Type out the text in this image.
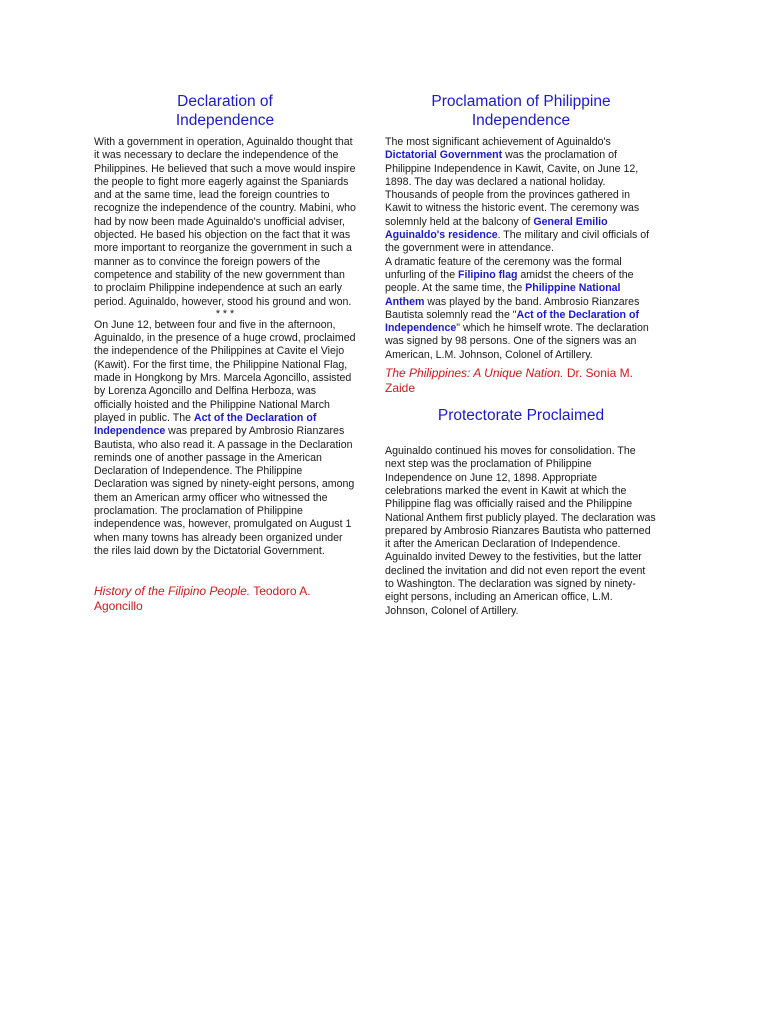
Declaration of
Independence

With a government in operation, Aguinaldo thought that it was necessary to declare the independence of the Philippines. He believed that such a move would inspire the people to fight more eagerly against the Spaniards and at the same time, lead the foreign countries to recognize the independence of the country. Mabini, who had by now been made Aguinaldo's unofficial adviser, objected. He based his objection on the fact that it was more important to reorganize the government in such a manner as to convince the foreign powers of the competence and stability of the new government than to proclaim Philippine independence at such an early period. Aguinaldo, however, stood his ground and won.

* * *

On June 12, between four and five in the afternoon, Aguinaldo, in the presence of a huge crowd, proclaimed the independence of the Philippines at Cavite el Viejo (Kawit). For the first time, the Philippine National Flag, made in Hongkong by Mrs. Marcela Agoncillo, assisted by Lorenza Agoncillo and Delfina Herboza, was officially hoisted and the Philippine National March played in public. The Act of the Declaration of Independence was prepared by Ambrosio Rianzares Bautista, who also read it. A passage in the Declaration reminds one of another passage in the American Declaration of Independence. The Philippine Declaration was signed by ninety-eight persons, among them an American army officer who witnessed the proclamation. The proclamation of Philippine independence was, however, promulgated on August 1 when many towns has already been organized under the riles laid down by the Dictatorial Government.

History of the Filipino People. Teodoro A. Agoncillo

Proclamation of Philippine
Independence

The most significant achievement of Aguinaldo's Dictatorial Government was the proclamation of Philippine Independence in Kawit, Cavite, on June 12, 1898. The day was declared a national holiday. Thousands of people from the provinces gathered in Kawit to witness the historic event. The ceremony was solemnly held at the balcony of General Emilio Aguinaldo's residence. The military and civil officials of the government were in attendance.

A dramatic feature of the ceremony was the formal unfurling of the Filipino flag amidst the cheers of the people. At the same time, the Philippine National Anthem was played by the band. Ambrosio Rianzares Bautista solemnly read the "Act of the Declaration of Independence" which he himself wrote. The declaration was signed by 98 persons. One of the signers was an American, L.M. Johnson, Colonel of Artillery.

The Philippines: A Unique Nation. Dr. Sonia M. Zaide

Protectorate Proclaimed

Aguinaldo continued his moves for consolidation. The next step was the proclamation of Philippine Independence on June 12, 1898. Appropriate celebrations marked the event in Kawit at which the Philippine flag was officially raised and the Philippine National Anthem first publicly played. The declaration was prepared by Ambrosio Rianzares Bautista who patterned it after the American Declaration of Independence. Aguinaldo invited Dewey to the festivities, but the latter declined the invitation and did not even report the event to Washington. The declaration was signed by ninety-eight persons, including an American office, L.M. Johnson, Colonel of Artillery.
